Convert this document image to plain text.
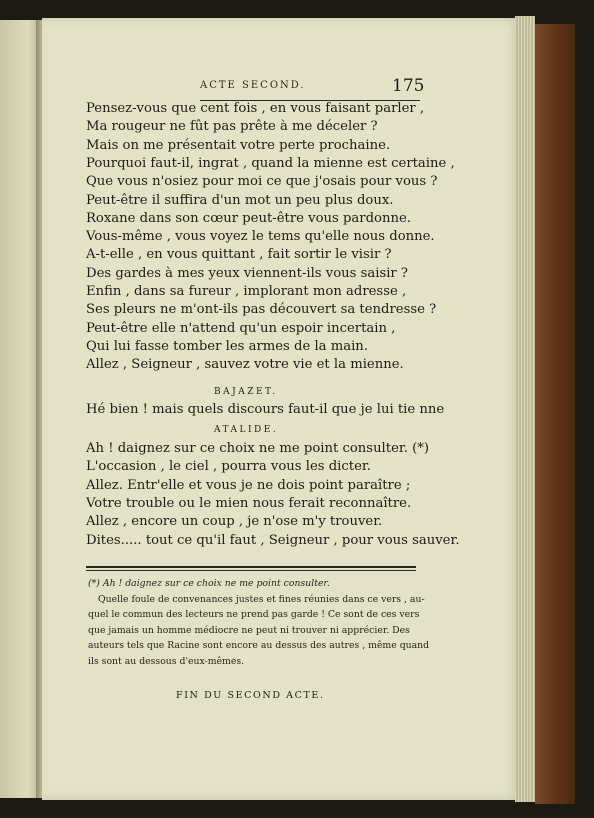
ACTE SECOND.	175
Pensez-vous que cent fois , en vous faisant parler ,
Ma rougeur ne fût pas prête à me déceler ?
Mais on me présentait votre perte prochaine.
Pourquoi faut-il, ingrat , quand la mienne est certaine ,
Que vous n'osiez pour moi ce que j'osais pour vous ?
Peut-être il suffira d'un mot un peu plus doux.
Roxane dans son cœur peut-être vous pardonne.
Vous-même , vous voyez le tems qu'elle nous donne.
A-t-elle , en vous quittant , fait sortir le visir ?
Des gardes à mes yeux viennent-ils vous saisir ?
Enfin , dans sa fureur , implorant mon adresse ,
Ses pleurs ne m'ont-ils pas découvert sa tendresse ?
Peut-être elle n'attend qu'un espoir incertain ,
Qui lui fasse tomber les armes de la main.
Allez , Seigneur , sauvez votre vie et la mienne.
BAJAZET.
Hé bien ! mais quels discours faut-il que je lui tie nne
ATALIDE.
Ah ! daignez sur ce choix ne me point consulter. (*)
L'occasion , le ciel , pourra vous les dicter.
Allez. Entr'elle et vous je ne dois point paraître ;
Votre trouble ou le mien nous ferait reconnaître.
Allez , encore un coup , je n'ose m'y trouver.
Dites..... tout ce qu'il faut , Seigneur , pour vous sauver.
(*) Ah ! daignez sur ce choix ne me point consulter.
Quelle foule de convenances justes et fines réunies dans ce vers , au-
quel le commun des lecteurs ne prend pas garde ! Ce sont de ces vers
que jamais un homme médiocre ne peut ni trouver ni apprécier. Des
auteurs tels que Racine sont encore au dessus des autres , même quand
ils sont au dessous d'eux-mêmes.
FIN DU SECOND ACTE.
